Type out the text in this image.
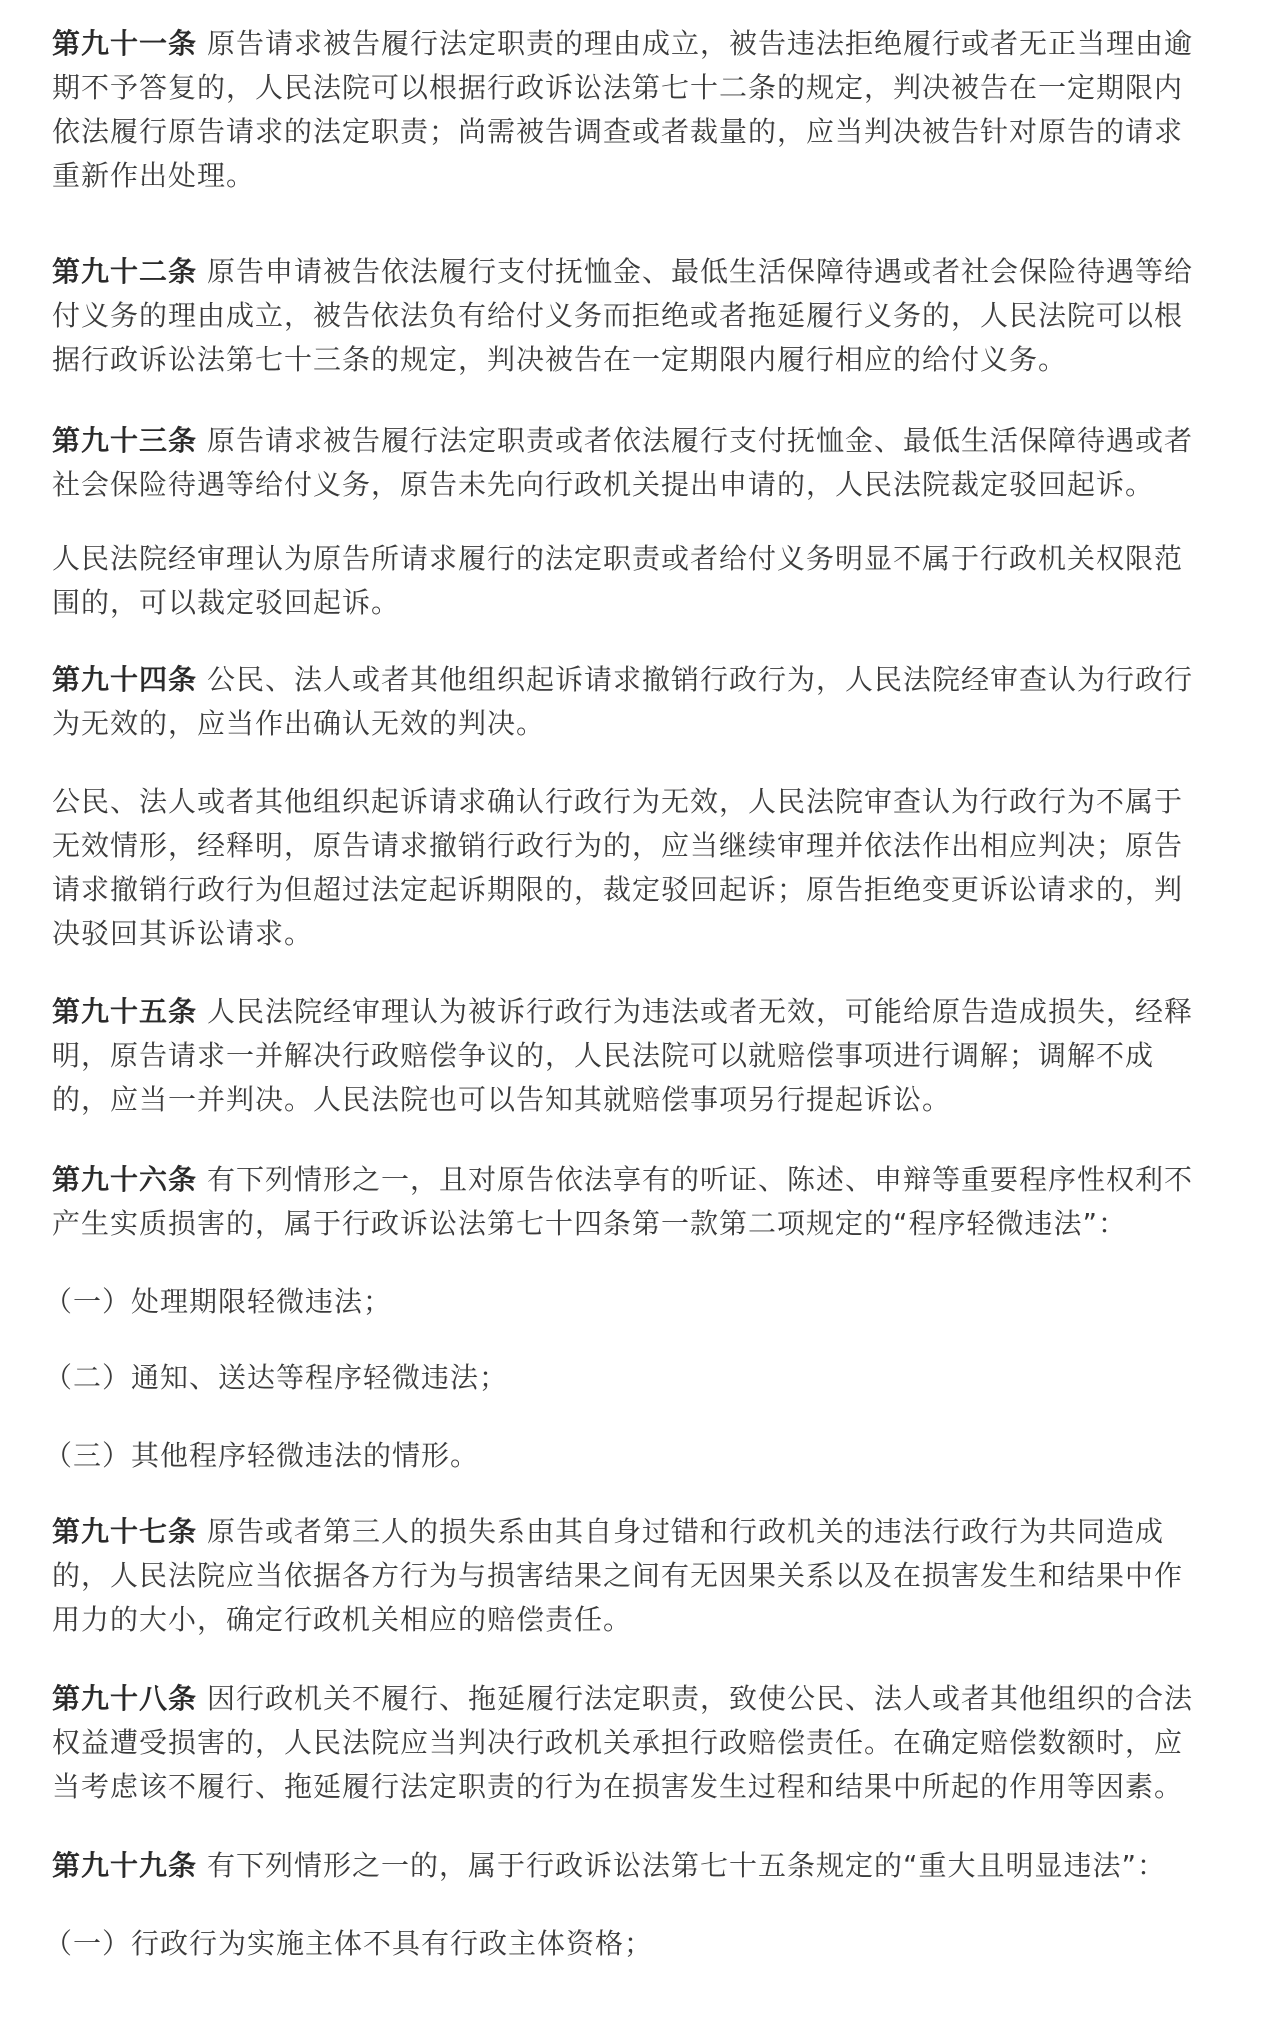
第九十一条 原告请求被告履行法定职责的理由成立，被告违法拒绝履行或者无正当理由逾
期不予答复的，人民法院可以根据行政诉讼法第七十二条的规定，判决被告在一定期限内
依法履行原告请求的法定职责；尚需被告调查或者裁量的，应当判决被告针对原告的请求
重新作出处理。

第九十二条 原告申请被告依法履行支付抚恤金、最低生活保障待遇或者社会保险待遇等给
付义务的理由成立，被告依法负有给付义务而拒绝或者拖延履行义务的，人民法院可以根
据行政诉讼法第七十三条的规定，判决被告在一定期限内履行相应的给付义务。

第九十三条 原告请求被告履行法定职责或者依法履行支付抚恤金、最低生活保障待遇或者
社会保险待遇等给付义务，原告未先向行政机关提出申请的，人民法院裁定驳回起诉。

人民法院经审理认为原告所请求履行的法定职责或者给付义务明显不属于行政机关权限范
围的，可以裁定驳回起诉。

第九十四条 公民、法人或者其他组织起诉请求撤销行政行为，人民法院经审查认为行政行
为无效的，应当作出确认无效的判决。

公民、法人或者其他组织起诉请求确认行政行为无效，人民法院审查认为行政行为不属于
无效情形，经释明，原告请求撤销行政行为的，应当继续审理并依法作出相应判决；原告
请求撤销行政行为但超过法定起诉期限的，裁定驳回起诉；原告拒绝变更诉讼请求的，判
决驳回其诉讼请求。

第九十五条 人民法院经审理认为被诉行政行为违法或者无效，可能给原告造成损失，经释
明，原告请求一并解决行政赔偿争议的，人民法院可以就赔偿事项进行调解；调解不成
的，应当一并判决。人民法院也可以告知其就赔偿事项另行提起诉讼。

第九十六条 有下列情形之一，且对原告依法享有的听证、陈述、申辩等重要程序性权利不
产生实质损害的，属于行政诉讼法第七十四条第一款第二项规定的“程序轻微违法”：

（一）处理期限轻微违法；

（二）通知、送达等程序轻微违法；

（三）其他程序轻微违法的情形。

第九十七条 原告或者第三人的损失系由其自身过错和行政机关的违法行政行为共同造成
的，人民法院应当依据各方行为与损害结果之间有无因果关系以及在损害发生和结果中作
用力的大小，确定行政机关相应的赔偿责任。

第九十八条 因行政机关不履行、拖延履行法定职责，致使公民、法人或者其他组织的合法
权益遭受损害的，人民法院应当判决行政机关承担行政赔偿责任。在确定赔偿数额时，应
当考虑该不履行、拖延履行法定职责的行为在损害发生过程和结果中所起的作用等因素。

第九十九条 有下列情形之一的，属于行政诉讼法第七十五条规定的“重大且明显违法”：

（一）行政行为实施主体不具有行政主体资格；
